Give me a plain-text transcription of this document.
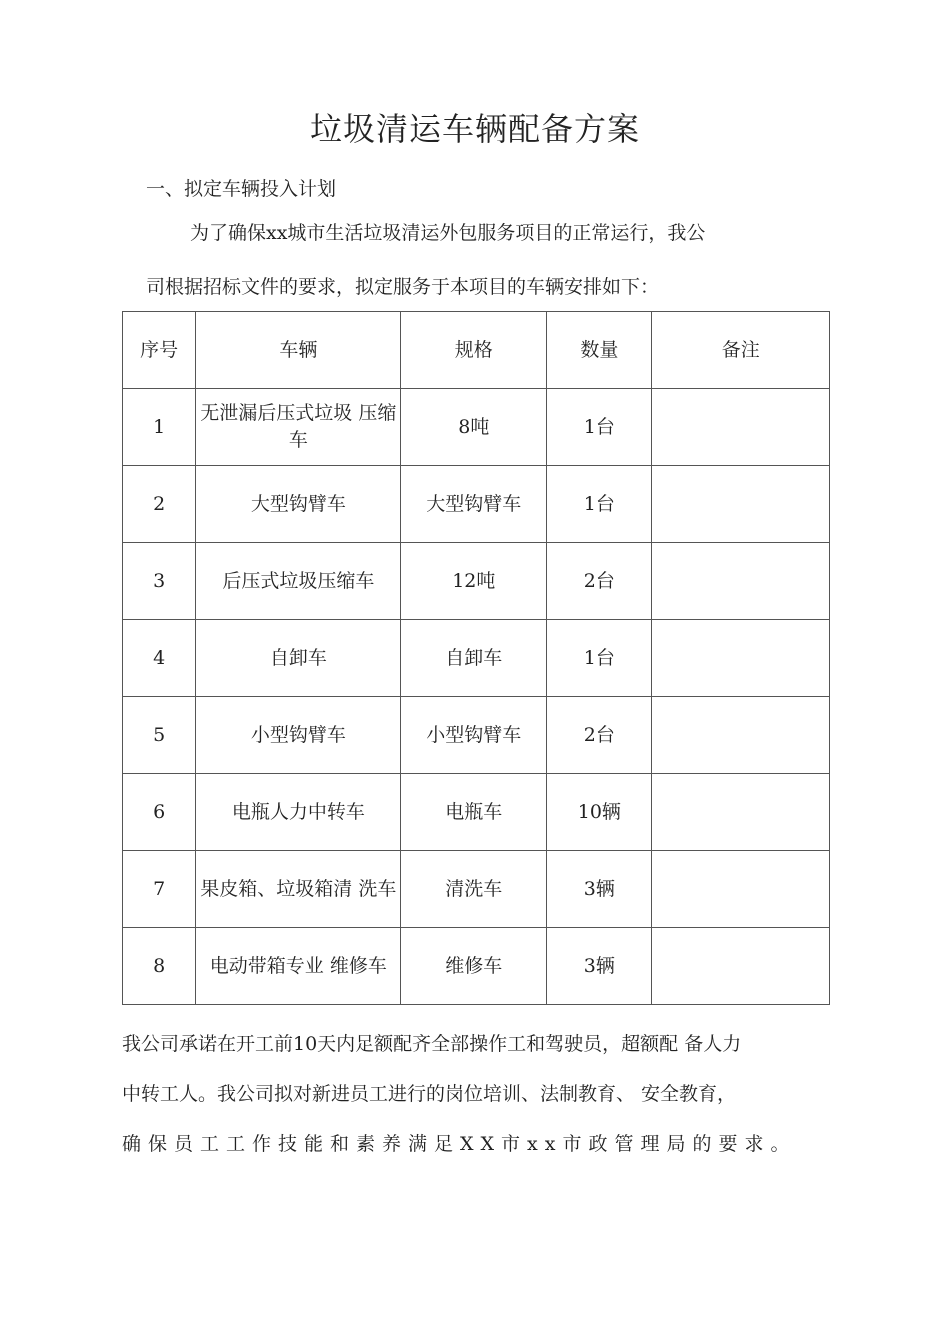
垃圾清运车辆配备方案
一、拟定车辆投入计划
为了确保xx城市生活垃圾清运外包服务项目的正常运行，我公
司根据招标文件的要求，拟定服务于本项目的车辆安排如下：
序号	车辆	规格	数量	备注
1	无泄漏后压式垃圾 压缩车	8吨	1台	
2	大型钩臂车	大型钩臂车	1台	
3	后压式垃圾压缩车	12吨	2台	
4	自卸车	自卸车	1台	
5	小型钩臂车	小型钩臂车	2台	
6	电瓶人力中转车	电瓶车	10辆	
7	果皮箱、垃圾箱清 洗车	清洗车	3辆	
8	电动带箱专业 维修车	维修车	3辆	
我公司承诺在开工前10天内足额配齐全部操作工和驾驶员，超额配 备人力
中转工人。我公司拟对新进员工进行的岗位培训、法制教育、 安全教育，
确保员工工作技能和素养满足XX市xx市政管理局的要求。
